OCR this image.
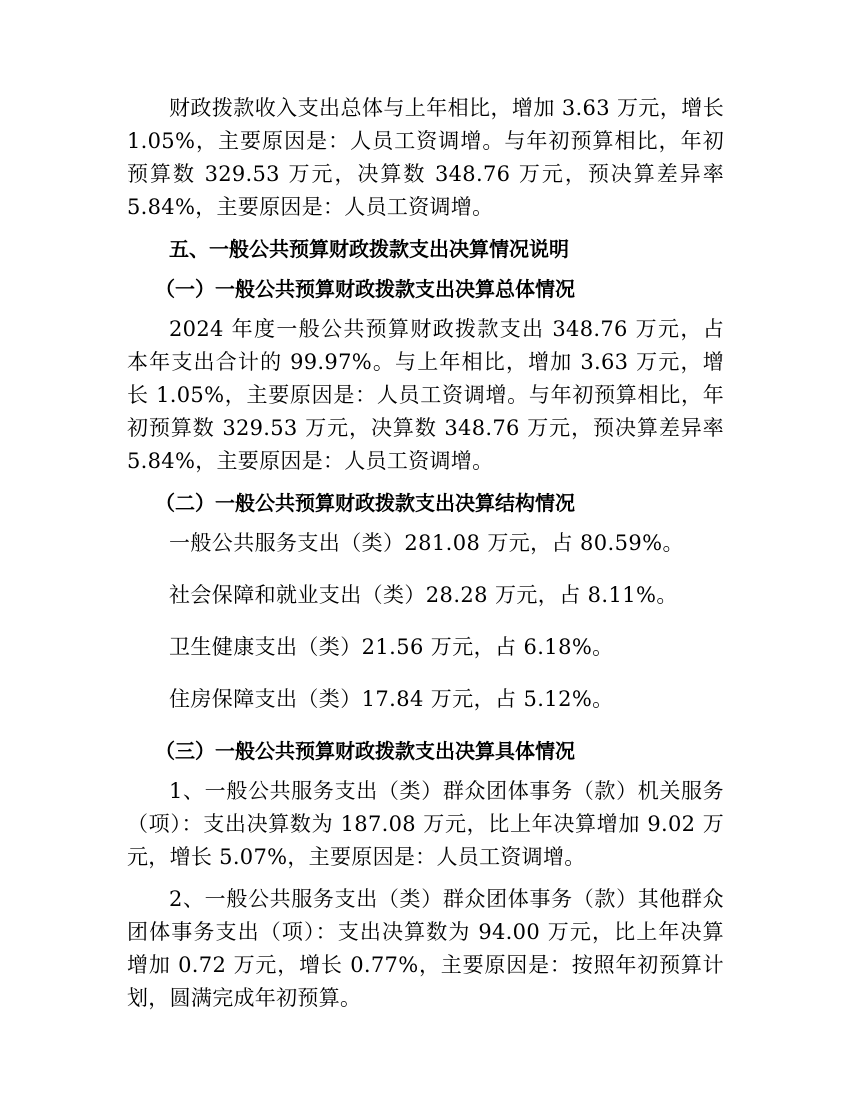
财政拨款收入支出总体与上年相比，增加 3.63 万元，增长 1.05%，主要原因是：人员工资调增。与年初预算相比，年初预算数 329.53 万元，决算数 348.76 万元，预决算差异率 5.84%，主要原因是：人员工资调增。

五、一般公共预算财政拨款支出决算情况说明
（一）一般公共预算财政拨款支出决算总体情况

2024 年度一般公共预算财政拨款支出 348.76 万元，占本年支出合计的 99.97%。与上年相比，增加 3.63 万元，增长 1.05%，主要原因是：人员工资调增。与年初预算相比，年初预算数 329.53 万元，决算数 348.76 万元，预决算差异率 5.84%，主要原因是：人员工资调增。

（二）一般公共预算财政拨款支出决算结构情况
一般公共服务支出（类）281.08 万元，占 80.59%。
社会保障和就业支出（类）28.28 万元，占 8.11%。
卫生健康支出（类）21.56 万元，占 6.18%。
住房保障支出（类）17.84 万元，占 5.12%。
（三）一般公共预算财政拨款支出决算具体情况

1、一般公共服务支出（类）群众团体事务（款）机关服务（项）：支出决算数为 187.08 万元，比上年决算增加 9.02 万元，增长 5.07%，主要原因是：人员工资调增。

2、一般公共服务支出（类）群众团体事务（款）其他群众团体事务支出（项）：支出决算数为 94.00 万元，比上年决算增加 0.72 万元，增长 0.77%，主要原因是：按照年初预算计划，圆满完成年初预算。
